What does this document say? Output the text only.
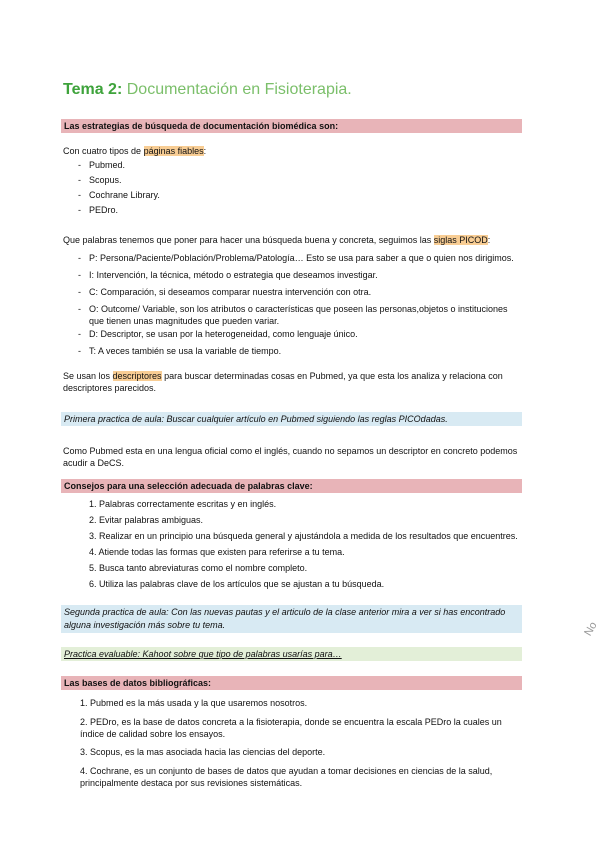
Tema 2: Documentación en Fisioterapia.
Las estrategias de búsqueda de documentación biomédica son:
Con cuatro tipos de páginas fiables:
- Pubmed.
- Scopus.
- Cochrane Library.
- PEDro.
Que palabras tenemos que poner para hacer una búsqueda buena y concreta, seguimos las siglas PICOD:
- P: Persona/Paciente/Población/Problema/Patología… Esto se usa para saber a que o quien nos dirigimos.
- I: Intervención, la técnica, método o estrategia que deseamos investigar.
- C: Comparación, si deseamos comparar nuestra intervención con otra.
- O: Outcome/ Variable, son los atributos o características que poseen las personas,objetos o instituciones que tienen unas magnitudes que pueden variar.
- D: Descriptor, se usan por la heterogeneidad, como lenguaje único.
- T: A veces también se usa la variable de tiempo.
Se usan los descriptores para buscar determinadas cosas en Pubmed, ya que esta los analiza y relaciona con descriptores parecidos.
Primera practica de aula: Buscar cualquier artículo en Pubmed siguiendo las reglas PICOdadas.
Como Pubmed esta en una lengua oficial como el inglés, cuando no sepamos un descriptor en concreto podemos acudir a DeCS.
Consejos para una selección adecuada de palabras clave:
1. Palabras correctamente escritas y en inglés.
2. Evitar palabras ambiguas.
3. Realizar en un principio una búsqueda general y ajustándola a medida de los resultados que encuentres.
4. Atiende todas las formas que existen para referirse a tu tema.
5. Busca tanto abreviaturas como el nombre completo.
6. Utiliza las palabras clave de los artículos que se ajustan a tu búsqueda.
Segunda practica de aula: Con las nuevas pautas y el articulo de la clase anterior mira a ver si has encontrado alguna investigación más sobre tu tema.
Practica evaluable: Kahoot sobre que tipo de palabras usarías para…
Las bases de datos bibliográficas:
1. Pubmed es la más usada y la que usaremos nosotros.
2. PEDro, es la base de datos concreta a la fisioterapia, donde se encuentra la escala PEDro la cuales un índice de calidad sobre los ensayos.
3. Scopus, es la mas asociada hacia las ciencias del deporte.
4. Cochrane, es un conjunto de bases de datos que ayudan a tomar decisiones en ciencias de la salud, principalmente destaca por sus revisiones sistemáticas.
No
